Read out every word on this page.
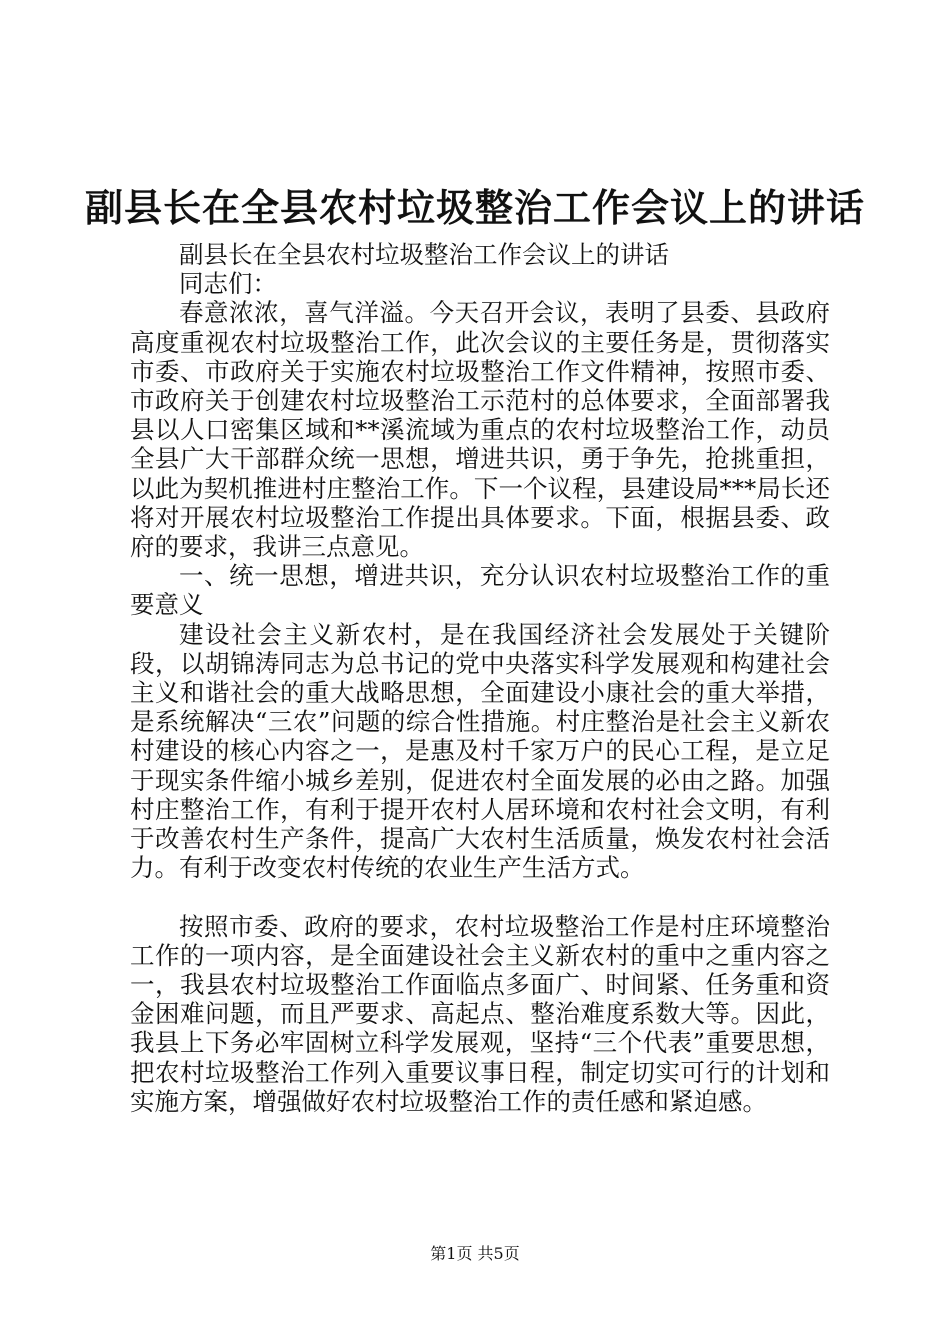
副县长在全县农村垃圾整治工作会议上的讲话

副县长在全县农村垃圾整治工作会议上的讲话

同志们：

春意浓浓，喜气洋溢。今天召开会议，表明了县委、县政府高度重视农村垃圾整治工作，此次会议的主要任务是，贯彻落实市委、市政府关于实施农村垃圾整治工作文件精神，按照市委、市政府关于创建农村垃圾整治工示范村的总体要求，全面部署我县以人口密集区域和**溪流域为重点的农村垃圾整治工作，动员全县广大干部群众统一思想，增进共识，勇于争先，抢挑重担，以此为契机推进村庄整治工作。下一个议程，县建设局***局长还将对开展农村垃圾整治工作提出具体要求。下面，根据县委、政府的要求，我讲三点意见。

一、统一思想，增进共识，充分认识农村垃圾整治工作的重要意义

建设社会主义新农村，是在我国经济社会发展处于关键阶段，以胡锦涛同志为总书记的党中央落实科学发展观和构建社会主义和谐社会的重大战略思想，全面建设小康社会的重大举措，是系统解决“三农”问题的综合性措施。村庄整治是社会主义新农村建设的核心内容之一，是惠及村千家万户的民心工程，是立足于现实条件缩小城乡差别，促进农村全面发展的必由之路。加强村庄整治工作，有利于提开农村人居环境和农村社会文明，有利于改善农村生产条件，提高广大农村生活质量，焕发农村社会活力。有利于改变农村传统的农业生产生活方式。

按照市委、政府的要求，农村垃圾整治工作是村庄环境整治工作的一项内容，是全面建设社会主义新农村的重中之重内容之一，我县农村垃圾整治工作面临点多面广、时间紧、任务重和资金困难问题，而且严要求、高起点、整治难度系数大等。因此，我县上下务必牢固树立科学发展观，坚持“三个代表”重要思想，把农村垃圾整治工作列入重要议事日程，制定切实可行的计划和实施方案，增强做好农村垃圾整治工作的责任感和紧迫感。

第1页 共5页
